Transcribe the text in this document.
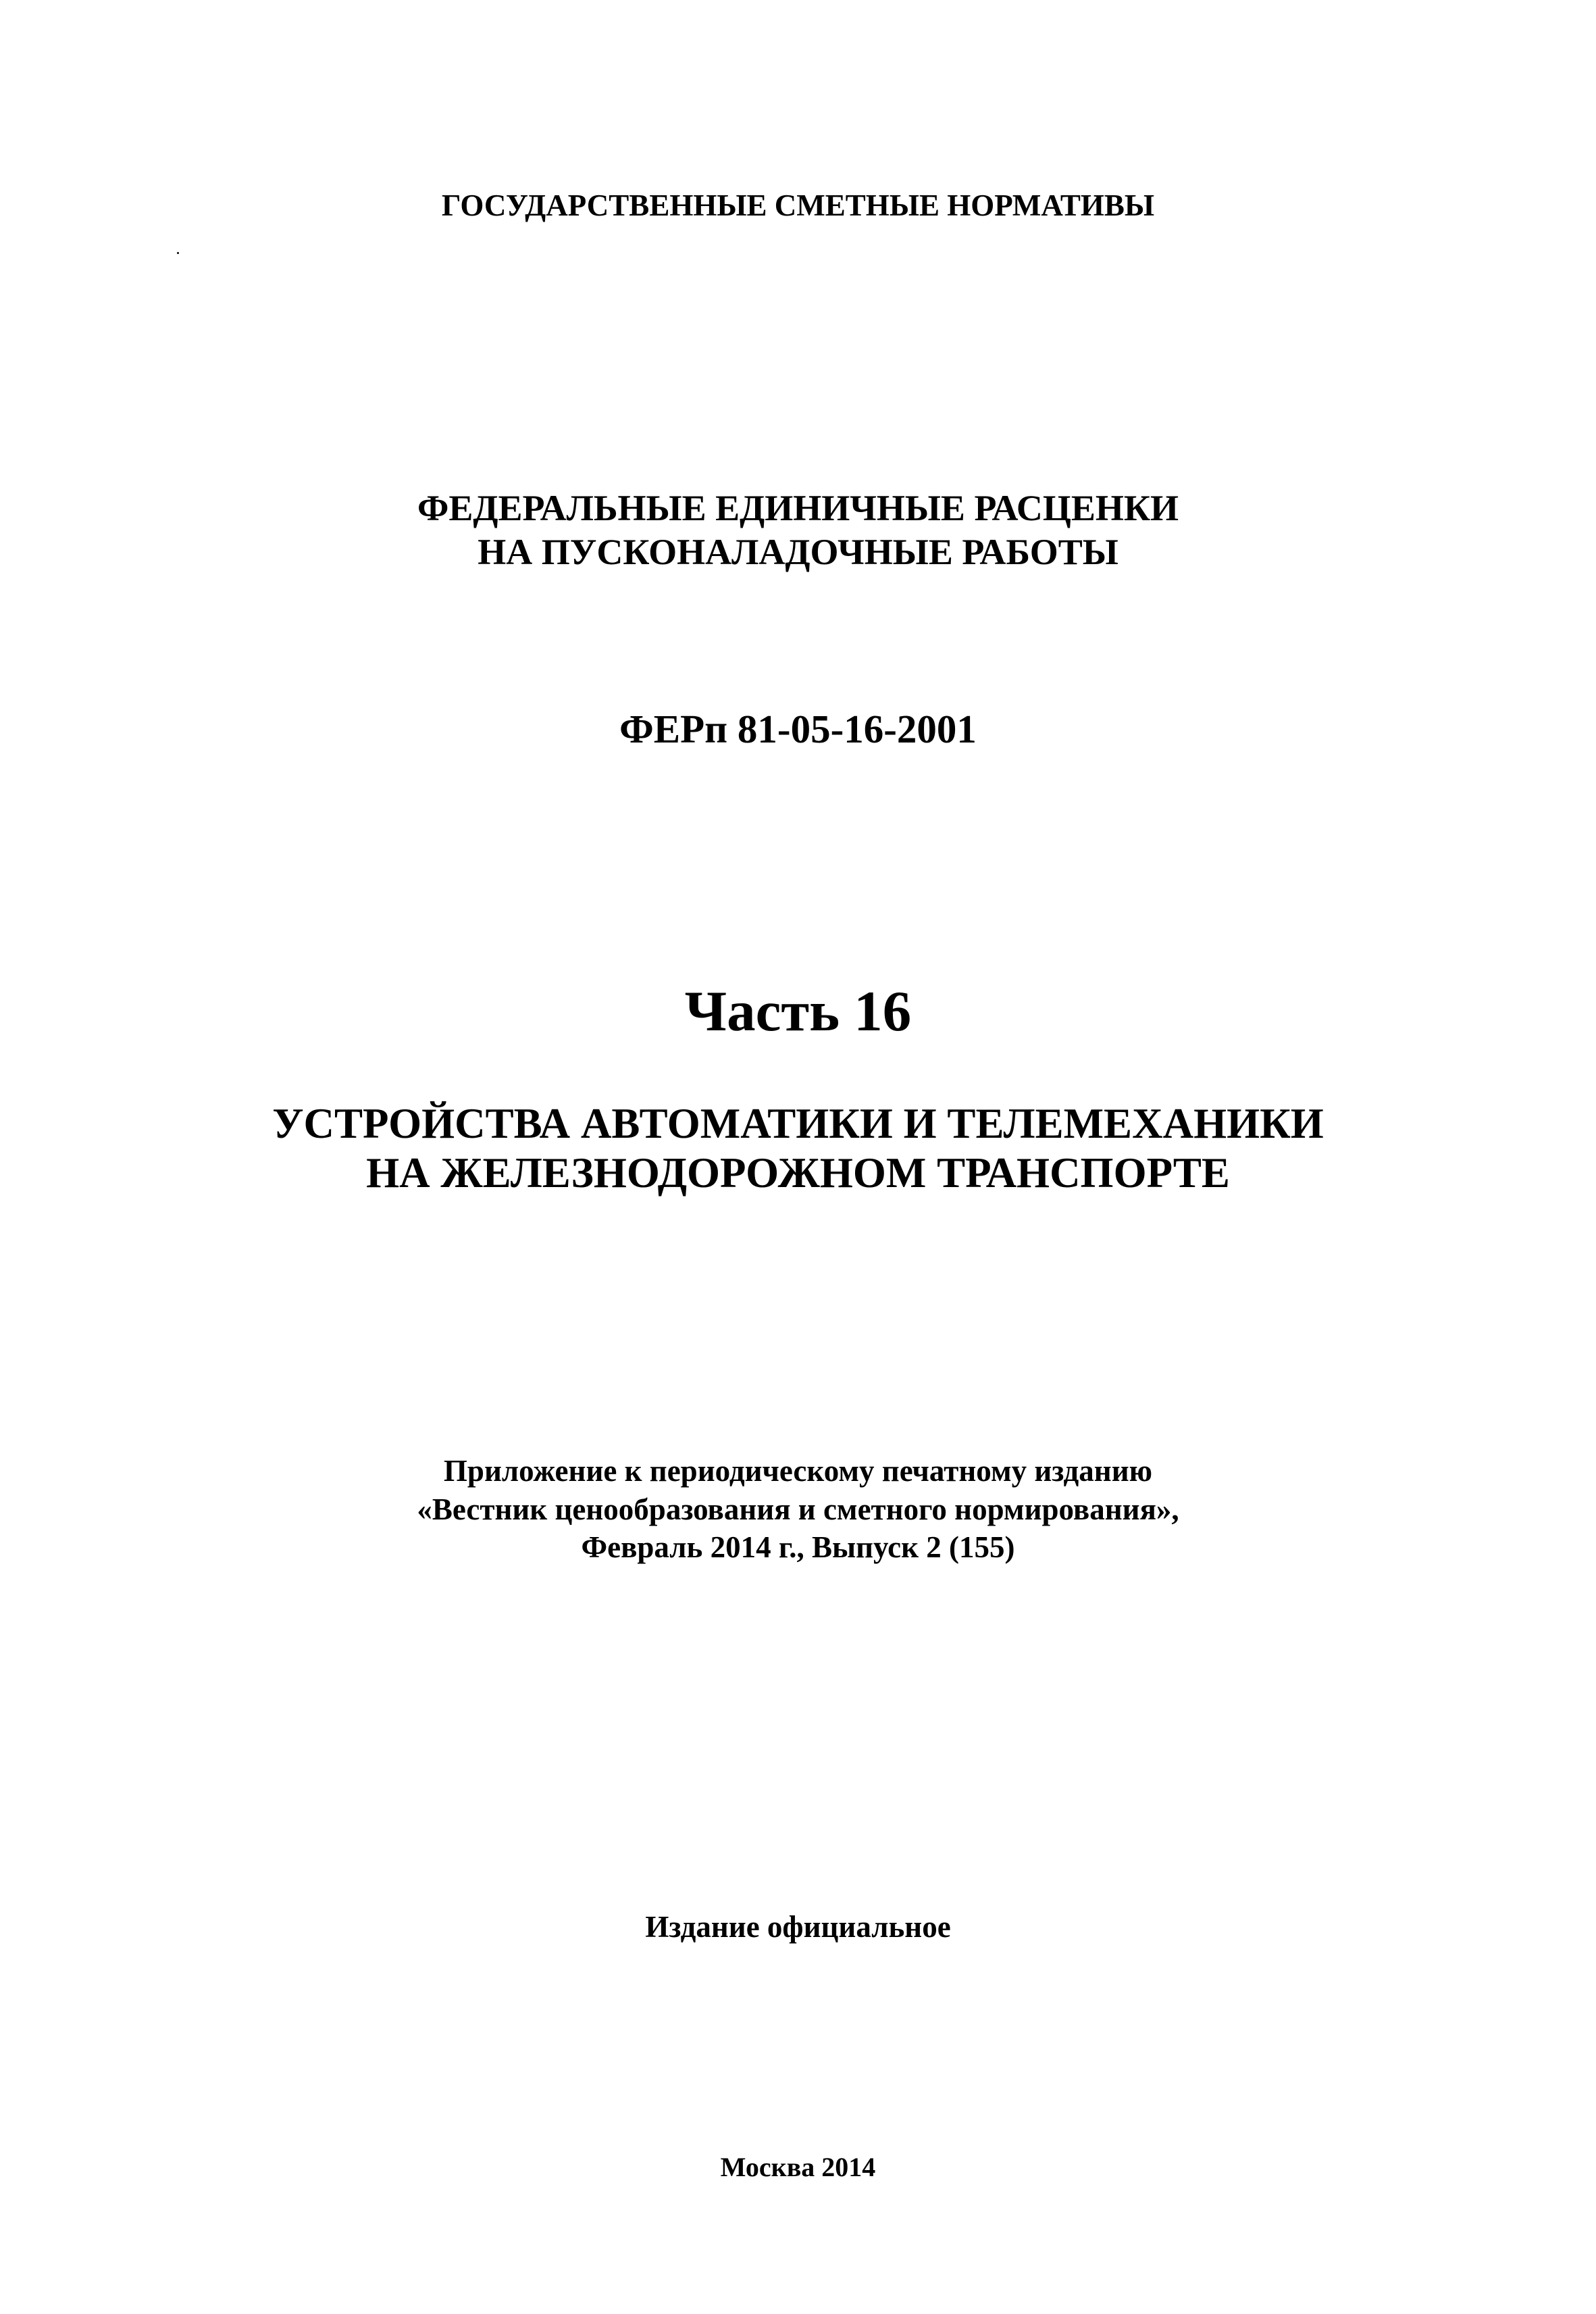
ГОСУДАРСТВЕННЫЕ СМЕТНЫЕ НОРМАТИВЫ
ФЕДЕРАЛЬНЫЕ ЕДИНИЧНЫЕ РАСЦЕНКИ
НА ПУСКОНАЛАДОЧНЫЕ РАБОТЫ
ФЕРп 81-05-16-2001
Часть 16
УСТРОЙСТВА АВТОМАТИКИ И ТЕЛЕМЕХАНИКИ
НА ЖЕЛЕЗНОДОРОЖНОМ ТРАНСПОРТЕ
Приложение к периодическому печатному изданию
«Вестник ценообразования и сметного нормирования»,
Февраль 2014 г., Выпуск 2 (155)
Издание официальное
Москва 2014
